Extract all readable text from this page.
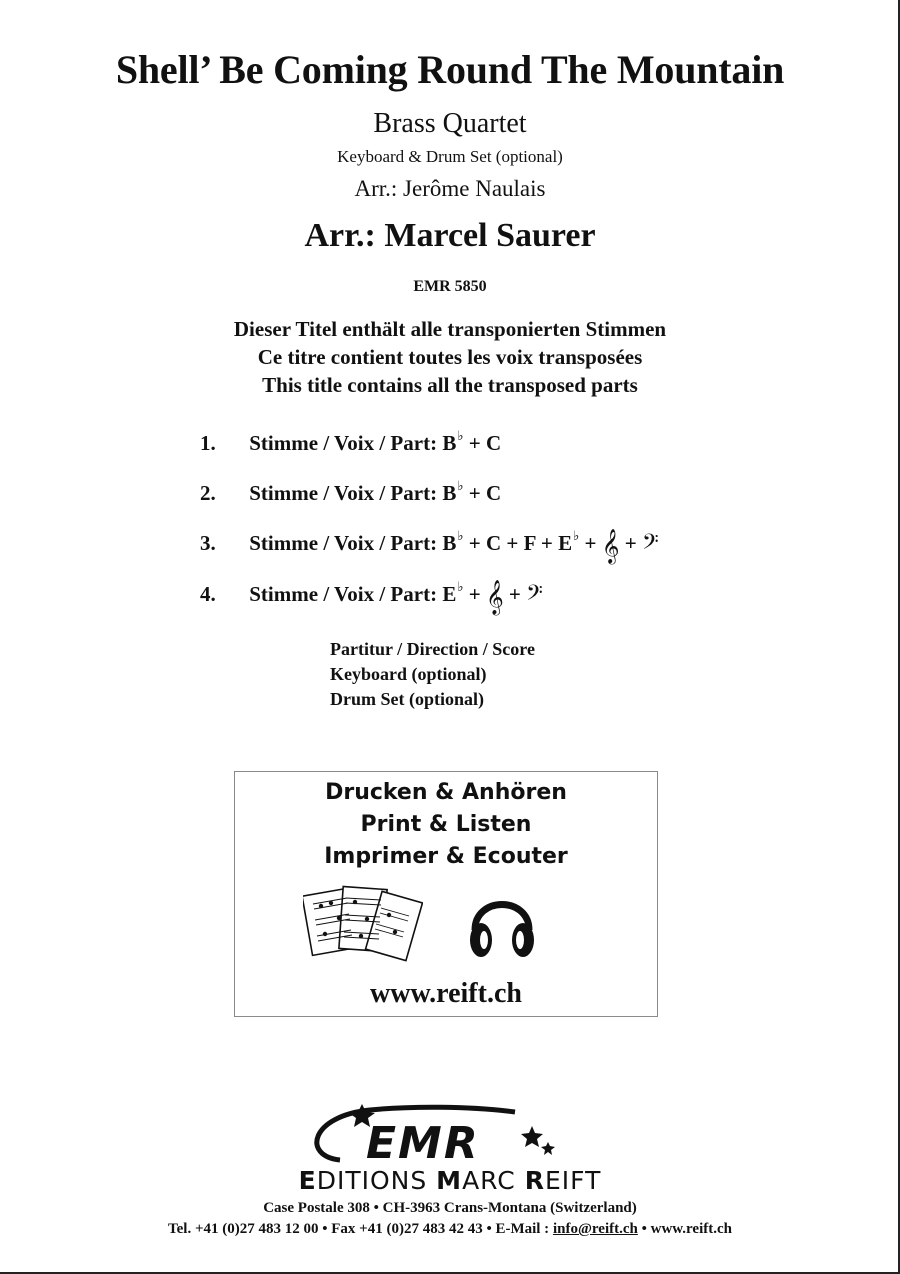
Shell’ Be Coming Round The Mountain
Brass Quartet
Keyboard & Drum Set (optional)
Arr.: Jerôme Naulais
Arr.: Marcel Saurer
EMR 5850
Dieser Titel enthält alle transponierten Stimmen
Ce titre contient toutes les voix transposées
This title contains all the transposed parts
1. Stimme / Voix / Part: B♭ + C
2. Stimme / Voix / Part: B♭ + C
3. Stimme / Voix / Part: B♭ + C + F + E♭ + 𝄞 + 𝄢
4. Stimme / Voix / Part: E♭ + 𝄞 + 𝄢
Partitur / Direction / Score
Keyboard (optional)
Drum Set (optional)
Drucken & Anhören
Print & Listen
Imprimer & Ecouter
www.reift.ch
EMR
EDITIONS MARC REIFT
Case Postale 308 • CH-3963 Crans-Montana (Switzerland)
Tel. +41 (0)27 483 12 00 • Fax +41 (0)27 483 42 43 • E-Mail : info@reift.ch • www.reift.ch
